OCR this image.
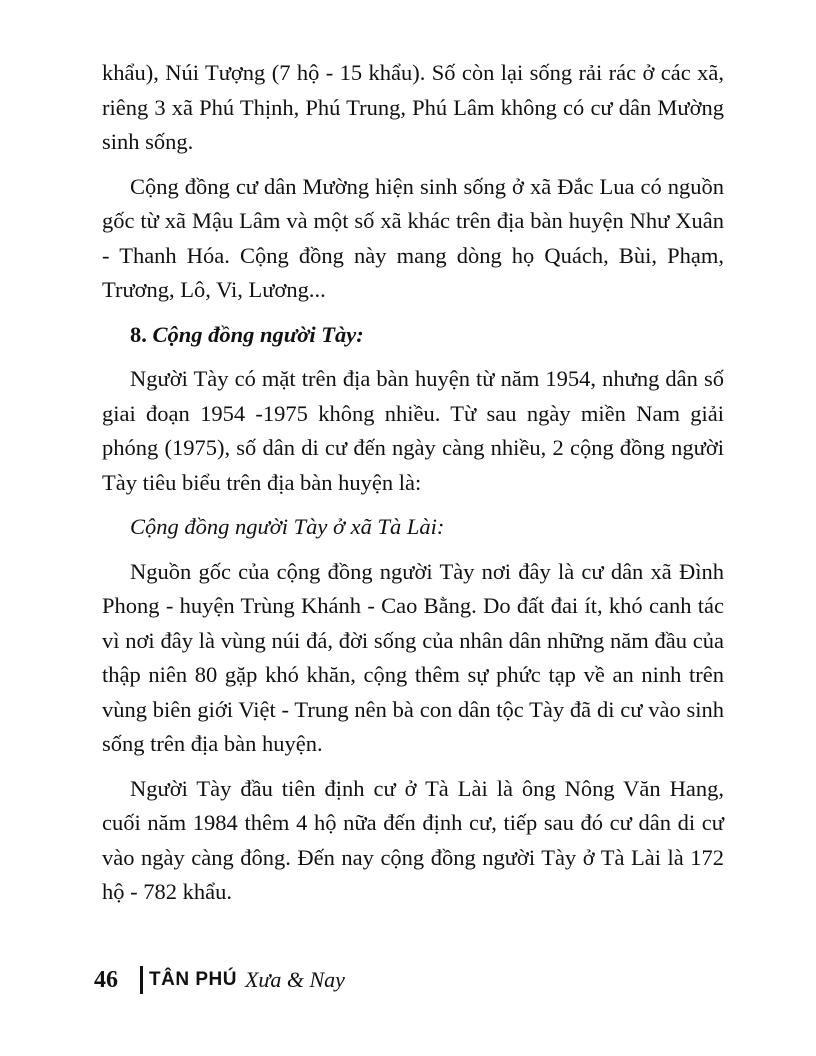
khẩu), Núi Tượng (7 hộ - 15 khẩu). Số còn lại sống rải rác ở các xã, riêng 3 xã Phú Thịnh, Phú Trung, Phú Lâm không có cư dân Mường sinh sống.

Cộng đồng cư dân Mường hiện sinh sống ở xã Đắc Lua có nguồn gốc từ xã Mậu Lâm và một số xã khác trên địa bàn huyện Như Xuân - Thanh Hóa. Cộng đồng này mang dòng họ Quách, Bùi, Phạm, Trương, Lô, Vi, Lương...

8. Cộng đồng người Tày:

Người Tày có mặt trên địa bàn huyện từ năm 1954, nhưng dân số giai đoạn 1954 -1975 không nhiều. Từ sau ngày miền Nam giải phóng (1975), số dân di cư đến ngày càng nhiều, 2 cộng đồng người Tày tiêu biểu trên địa bàn huyện là:

Cộng đồng người Tày ở xã Tà Lài:

Nguồn gốc của cộng đồng người Tày nơi đây là cư dân xã Đình Phong - huyện Trùng Khánh - Cao Bằng. Do đất đai ít, khó canh tác vì nơi đây là vùng núi đá, đời sống của nhân dân những năm đầu của thập niên 80 gặp khó khăn, cộng thêm sự phức tạp về an ninh trên vùng biên giới Việt - Trung nên bà con dân tộc Tày đã di cư vào sinh sống trên địa bàn huyện.

Người Tày đầu tiên định cư ở Tà Lài là ông Nông Văn Hang, cuối năm 1984 thêm 4 hộ nữa đến định cư, tiếp sau đó cư dân di cư vào ngày càng đông. Đến nay cộng đồng người Tày ở Tà Lài là 172 hộ - 782 khẩu.

46 TÂN PHÚ Xưa & Nay
